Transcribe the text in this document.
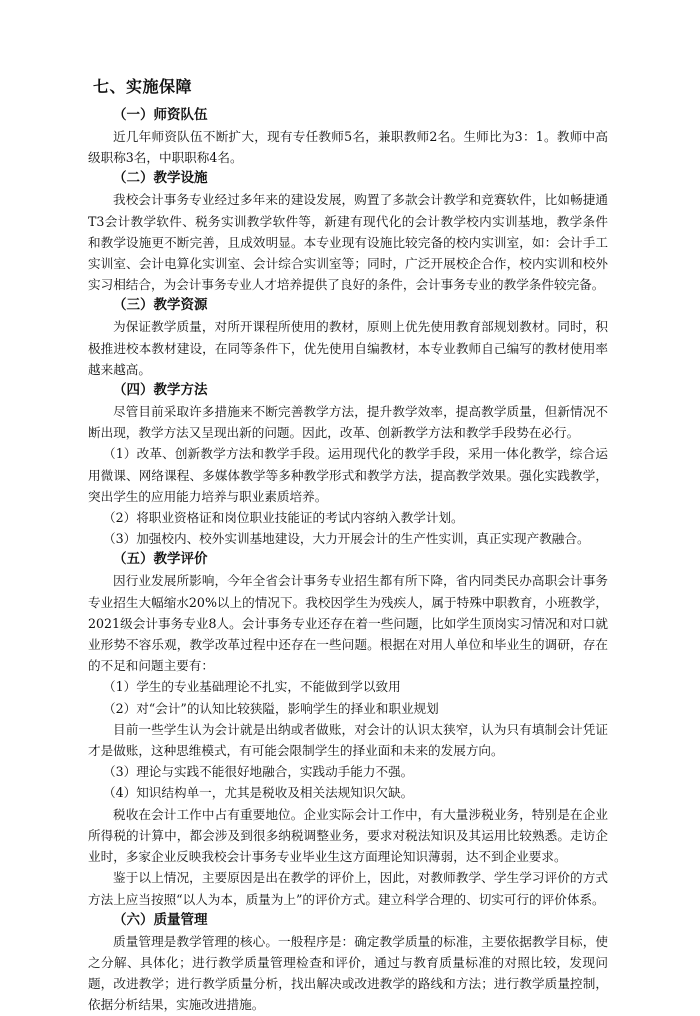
七、实施保障
（一）师资队伍

近几年师资队伍不断扩大，现有专任教师5名，兼职教师2名。生师比为3：1。教师中高级职称3名，中职职称4名。

（二）教学设施

我校会计事务专业经过多年来的建设发展，购置了多款会计教学和竞赛软件，比如畅捷通T3会计教学软件、税务实训教学软件等，新建有现代化的会计教学校内实训基地，教学条件和教学设施更不断完善，且成效明显。本专业现有设施比较完备的校内实训室，如：会计手工实训室、会计电算化实训室、会计综合实训室等；同时，广泛开展校企合作，校内实训和校外实习相结合，为会计事务专业人才培养提供了良好的条件，会计事务专业的教学条件较完备。

（三）教学资源

为保证教学质量，对所开课程所使用的教材，原则上优先使用教育部规划教材。同时，积极推进校本教材建设，在同等条件下，优先使用自编教材，本专业教师自己编写的教材使用率越来越高。

（四）教学方法

尽管目前采取许多措施来不断完善教学方法，提升教学效率，提高教学质量，但新情况不断出现，教学方法又呈现出新的问题。因此，改革、创新教学方法和教学手段势在必行。

（1）改革、创新教学方法和教学手段。运用现代化的教学手段，采用一体化教学，综合运用微课、网络课程、多媒体教学等多种教学形式和教学方法，提高教学效果。强化实践教学，突出学生的应用能力培养与职业素质培养。

（2）将职业资格证和岗位职业技能证的考试内容纳入教学计划。

（3）加强校内、校外实训基地建设，大力开展会计的生产性实训，真正实现产教融合。

（五）教学评价

因行业发展所影响，今年全省会计事务专业招生都有所下降，省内同类民办高职会计事务专业招生大幅缩水20%以上的情况下。我校因学生为残疾人，属于特殊中职教育，小班教学，2021级会计事务专业8人。会计事务专业还存在着一些问题，比如学生顶岗实习情况和对口就业形势不容乐观，教学改革过程中还存在一些问题。根据在对用人单位和毕业生的调研，存在的不足和问题主要有：

（1）学生的专业基础理论不扎实，不能做到学以致用

（2）对“会计”的认知比较狭隘，影响学生的择业和职业规划

目前一些学生认为会计就是出纳或者做账，对会计的认识太狭窄，认为只有填制会计凭证才是做账，这种思维模式，有可能会限制学生的择业面和未来的发展方向。

（3）理论与实践不能很好地融合，实践动手能力不强。

（4）知识结构单一，尤其是税收及相关法规知识欠缺。

税收在会计工作中占有重要地位。企业实际会计工作中，有大量涉税业务，特别是在企业所得税的计算中，都会涉及到很多纳税调整业务，要求对税法知识及其运用比较熟悉。走访企业时，多家企业反映我校会计事务专业毕业生这方面理论知识薄弱，达不到企业要求。

鉴于以上情况，主要原因是出在教学的评价上，因此，对教师教学、学生学习评价的方式方法上应当按照“以人为本，质量为上”的评价方式。建立科学合理的、切实可行的评价体系。

（六）质量管理

质量管理是教学管理的核心。一般程序是：确定教学质量的标准，主要依据教学目标，使之分解、具体化；进行教学质量管理检查和评价，通过与教育质量标准的对照比较，发现问题，改进教学；进行教学质量分析，找出解决或改进教学的路线和方法；进行教学质量控制，依据分析结果，实施改进措施。
